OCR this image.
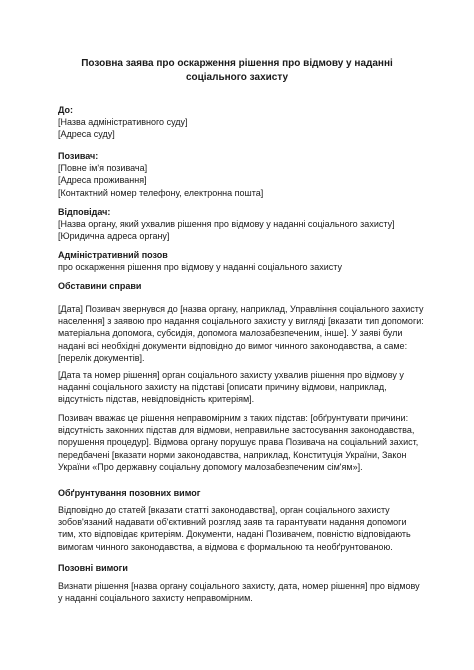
Позовна заява про оскарження рішення про відмову у наданні соціального захисту
До:
[Назва адміністративного суду]
[Адреса суду]
Позивач:
[Повне ім'я позивача]
[Адреса проживання]
[Контактний номер телефону, електронна пошта]
Відповідач:
[Назва органу, який ухвалив рішення про відмову у наданні соціального захисту]
[Юридична адреса органу]
Адміністративний позов
про оскарження рішення про відмову у наданні соціального захисту
Обставини справи
[Дата] Позивач звернувся до [назва органу, наприклад, Управління соціального захисту населення] з заявою про надання соціального захисту у вигляді [вказати тип допомоги: матеріальна допомога, субсидія, допомога малозабезпеченим, інше]. У заяві були надані всі необхідні документи відповідно до вимог чинного законодавства, а саме: [перелік документів].
[Дата та номер рішення] орган соціального захисту ухвалив рішення про відмову у наданні соціального захисту на підставі [описати причину відмови, наприклад, відсутність підстав, невідповідність критеріям].
Позивач вважає це рішення неправомірним з таких підстав: [обґрунтувати причини: відсутність законних підстав для відмови, неправильне застосування законодавства, порушення процедур]. Відмова органу порушує права Позивача на соціальний захист, передбачені [вказати норми законодавства, наприклад, Конституція України, Закон України «Про державну соціальну допомогу малозабезпеченим сім'ям»].
Обґрунтування позовних вимог
Відповідно до статей [вказати статті законодавства], орган соціального захисту зобов'язаний надавати об'єктивний розгляд заяв та гарантувати надання допомоги тим, хто відповідає критеріям. Документи, надані Позивачем, повністю відповідають вимогам чинного законодавства, а відмова є формальною та необґрунтованою.
Позовні вимоги
Визнати рішення [назва органу соціального захисту, дата, номер рішення] про відмову у наданні соціального захисту неправомірним.
